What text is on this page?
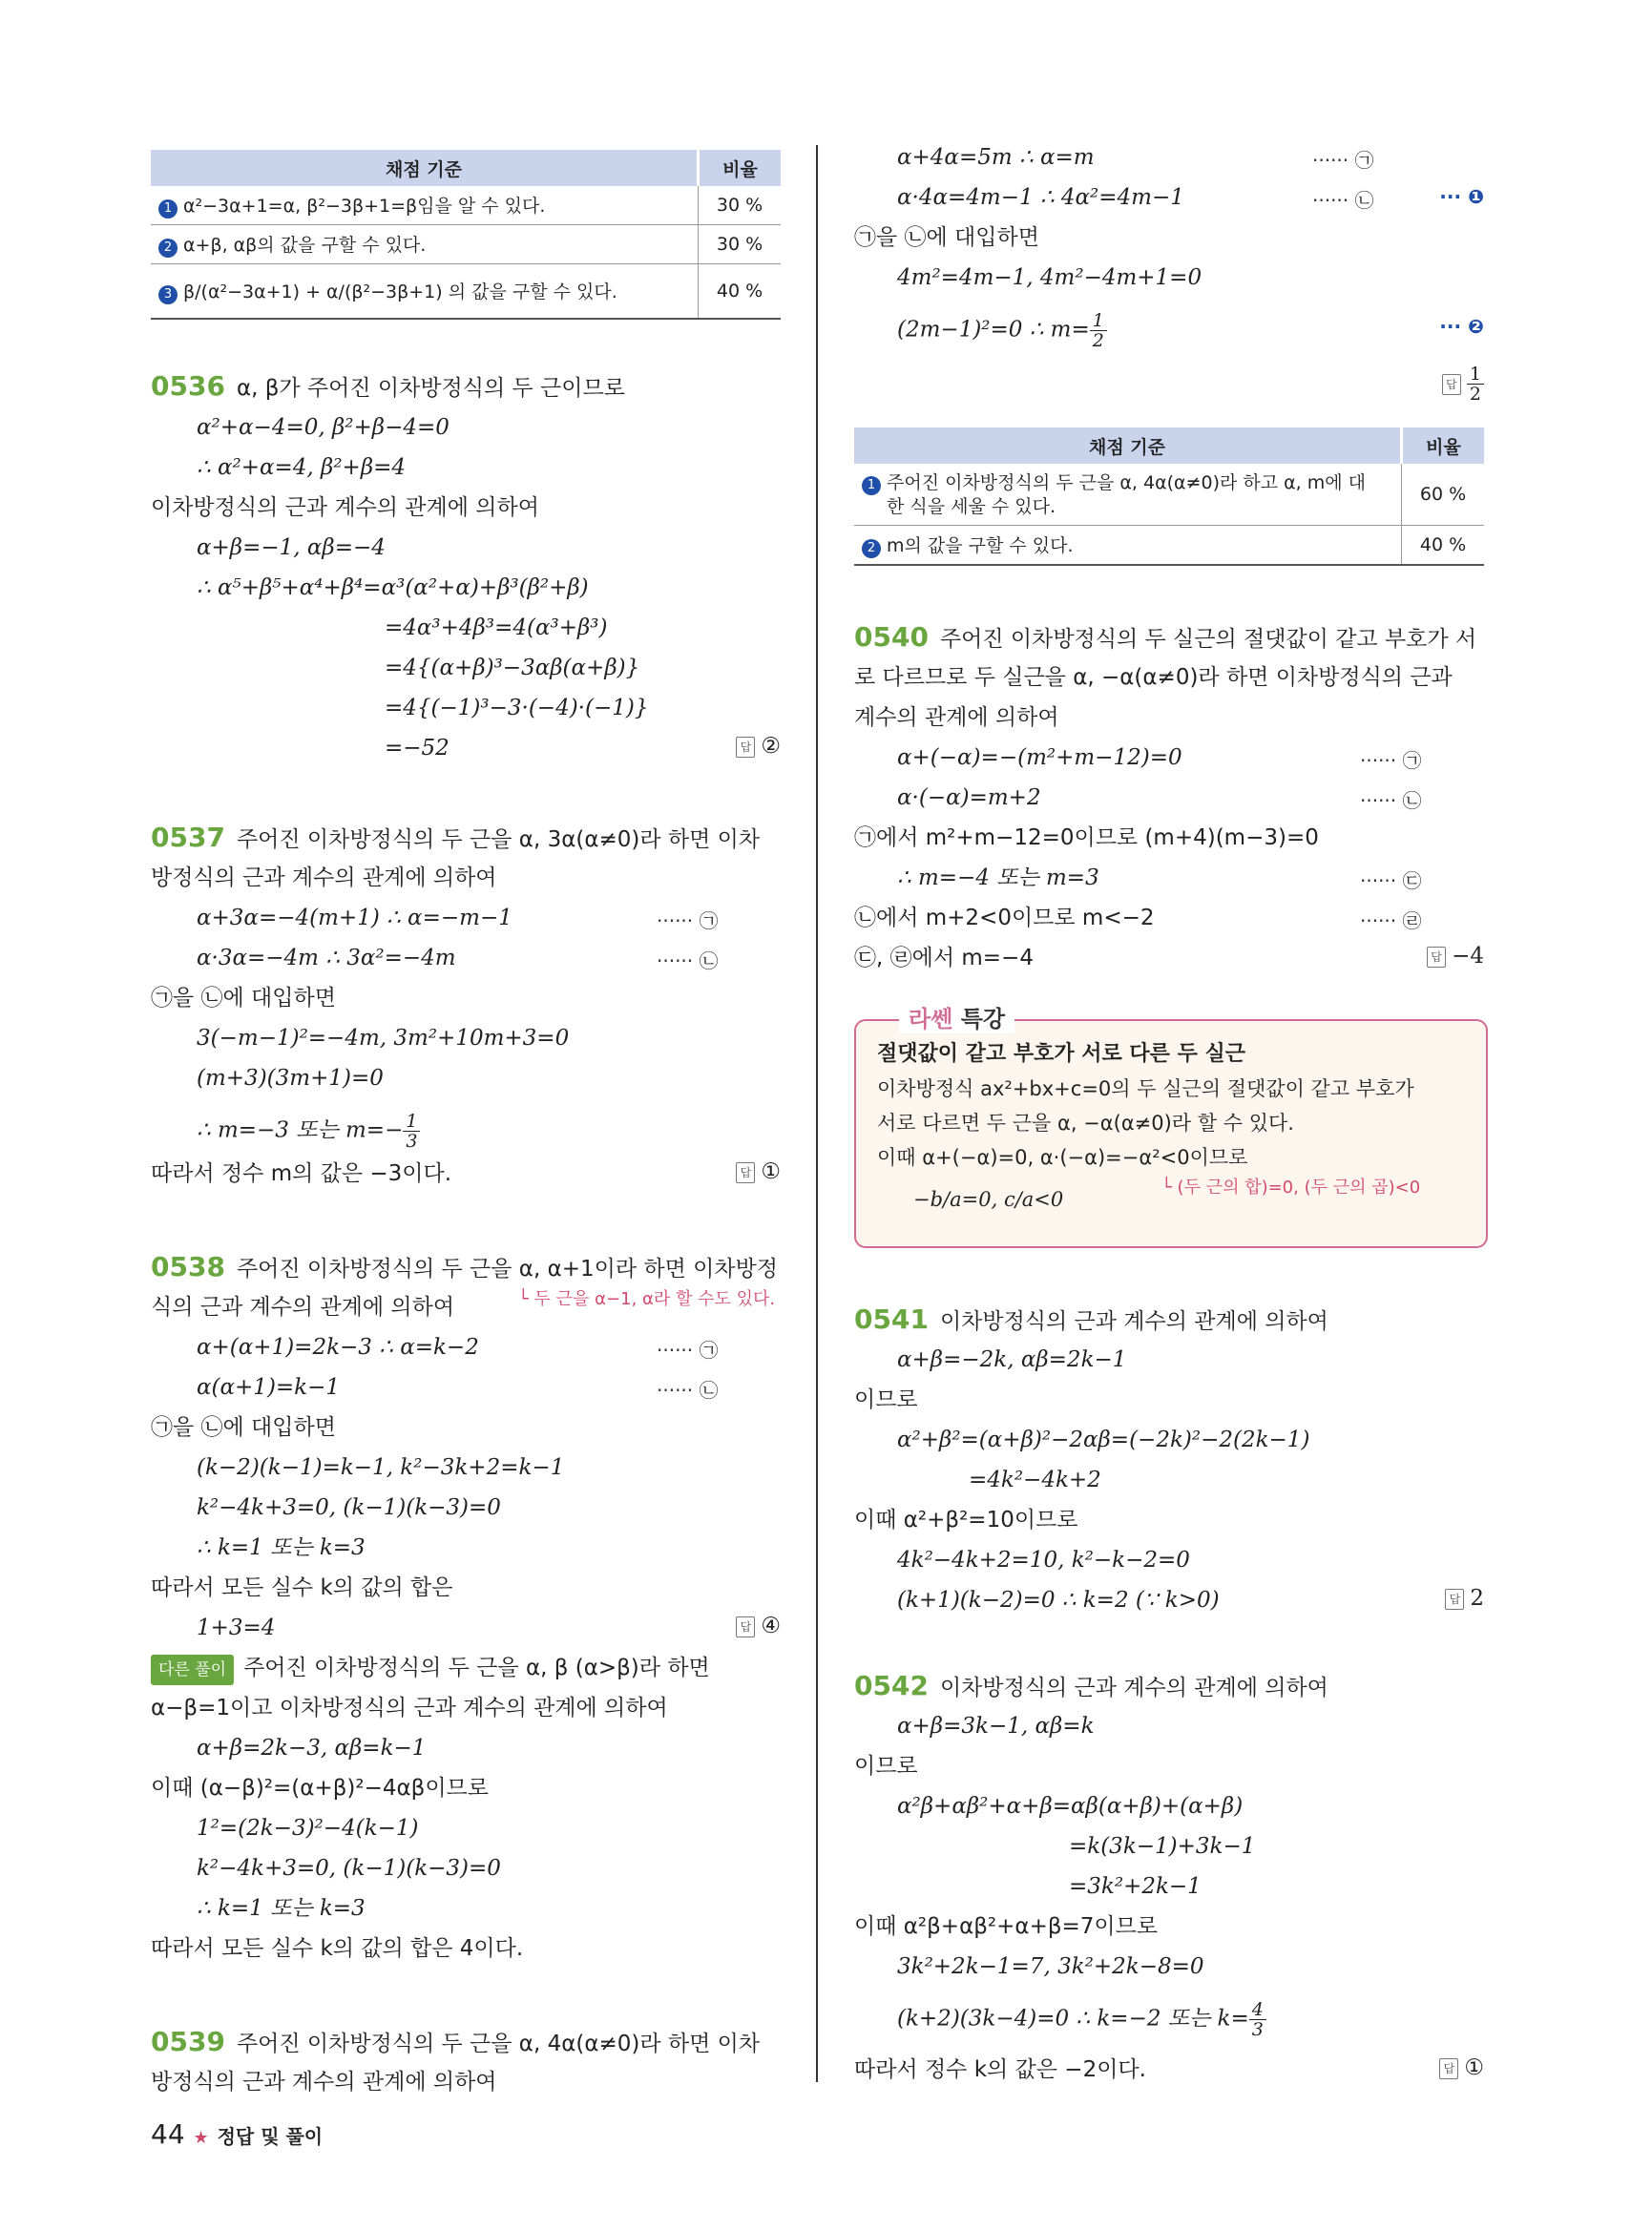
채점 기준	비율
1 α²−3α+1=α, β²−3β+1=β임을 알 수 있다.	30 %
2 α+β, αβ의 값을 구할 수 있다.	30 %
3 β/(α²−3α+1) + α/(β²−3β+1) 의 값을 구할 수 있다.	40 %
0536 α, β가 주어진 이차방정식의 두 근이므로
α²+α−4=0, β²+β−4=0
∴ α²+α=4, β²+β=4
이차방정식의 근과 계수의 관계에 의하여
α+β=−1, αβ=−4
∴ α⁵+β⁵+α⁴+β⁴=α³(α²+α)+β³(β²+β)
=4α³+4β³=4(α³+β³)
=4{(α+β)³−3αβ(α+β)}
=4{(−1)³−3·(−4)·(−1)}
=−52	답 ②
0537 주어진 이차방정식의 두 근을 α, 3α(α≠0)라 하면 이차
방정식의 근과 계수의 관계에 의하여
α+3α=−4(m+1) ∴ α=−m−1	······ ㉠
α·3α=−4m ∴ 3α²=−4m	······ ㉡
㉠을 ㉡에 대입하면
3(−m−1)²=−4m, 3m²+10m+3=0
(m+3)(3m+1)=0
∴ m=−3 또는 $m=- \frac{1}{3}$
따라서 정수 m의 값은 −3이다.	답 ①
0538 주어진 이차방정식의 두 근을 α, α+1이라 하면 이차방정
식의 근과 계수의 관계에 의하여	└ 두 근을 α−1, α라 할 수도 있다.
α+(α+1)=2k−3 ∴ α=k−2	······ ㉠
α(α+1)=k−1	······ ㉡
㉠을 ㉡에 대입하면
(k−2)(k−1)=k−1, k²−3k+2=k−1
k²−4k+3=0, (k−1)(k−3)=0
∴ k=1 또는 k=3
따라서 모든 실수 k의 값의 합은
1+3=4	답 ④
다른 풀이 주어진 이차방정식의 두 근을 α, β (α>β)라 하면
α−β=1이고 이차방정식의 근과 계수의 관계에 의하여
α+β=2k−3, αβ=k−1
이때 (α−β)²=(α+β)²−4αβ이므로
1²=(2k−3)²−4(k−1)
k²−4k+3=0, (k−1)(k−3)=0
∴ k=1 또는 k=3
따라서 모든 실수 k의 값의 합은 4이다.
0539 주어진 이차방정식의 두 근을 α, 4α(α≠0)라 하면 이차
방정식의 근과 계수의 관계에 의하여
α+4α=5m ∴ α=m	······ ㉠
α·4α=4m−1 ∴ 4α²=4m−1	······ ㉡	··· ❶
㉠을 ㉡에 대입하면
4m²=4m−1, 4m²−4m+1=0
(2m−1)²=0 ∴ $m= \frac{1}{2}$	··· ❷
답 $\frac{1}{2}$
채점 기준	비율
1 주어진 이차방정식의 두 근을 α, 4α(α≠0)라 하고 α, m에 대
한 식을 세울 수 있다.	60 %
2 m의 값을 구할 수 있다.	40 %
0540 주어진 이차방정식의 두 실근의 절댓값이 같고 부호가 서
로 다르므로 두 실근을 α, −α(α≠0)라 하면 이차방정식의 근과
계수의 관계에 의하여
α+(−α)=−(m²+m−12)=0	······ ㉠
α·(−α)=m+2	······ ㉡
㉠에서 m²+m−12=0이므로 (m+4)(m−3)=0
∴ m=−4 또는 m=3	······ ㉢
㉡에서 m+2<0이므로 m<−2	······ ㉣
㉢, ㉣에서 m=−4	답 −4
라쎈 특강
절댓값이 같고 부호가 서로 다른 두 실근
이차방정식 ax²+bx+c=0의 두 실근의 절댓값이 같고 부호가
서로 다르면 두 근을 α, −α(α≠0)라 할 수 있다.
이때 α+(−α)=0, α·(−α)=−α²<0이므로
−b/a=0, c/a<0
└ (두 근의 합)=0, (두 근의 곱)<0
0541 이차방정식의 근과 계수의 관계에 의하여
α+β=−2k, αβ=2k−1
이므로
α²+β²=(α+β)²−2αβ=(−2k)²−2(2k−1)
=4k²−4k+2
이때 α²+β²=10이므로
4k²−4k+2=10, k²−k−2=0
(k+1)(k−2)=0 ∴ k=2 (∵ k>0)	답 2
0542 이차방정식의 근과 계수의 관계에 의하여
α+β=3k−1, αβ=k
이므로
α²β+αβ²+α+β=αβ(α+β)+(α+β)
=k(3k−1)+3k−1
=3k²+2k−1
이때 α²β+αβ²+α+β=7이므로
3k²+2k−1=7, 3k²+2k−8=0
(k+2)(3k−4)=0 ∴ k=−2 또는 $k= \frac{4}{3}$
따라서 정수 k의 값은 −2이다.	답 ①
44 ★ 정답 및 풀이
